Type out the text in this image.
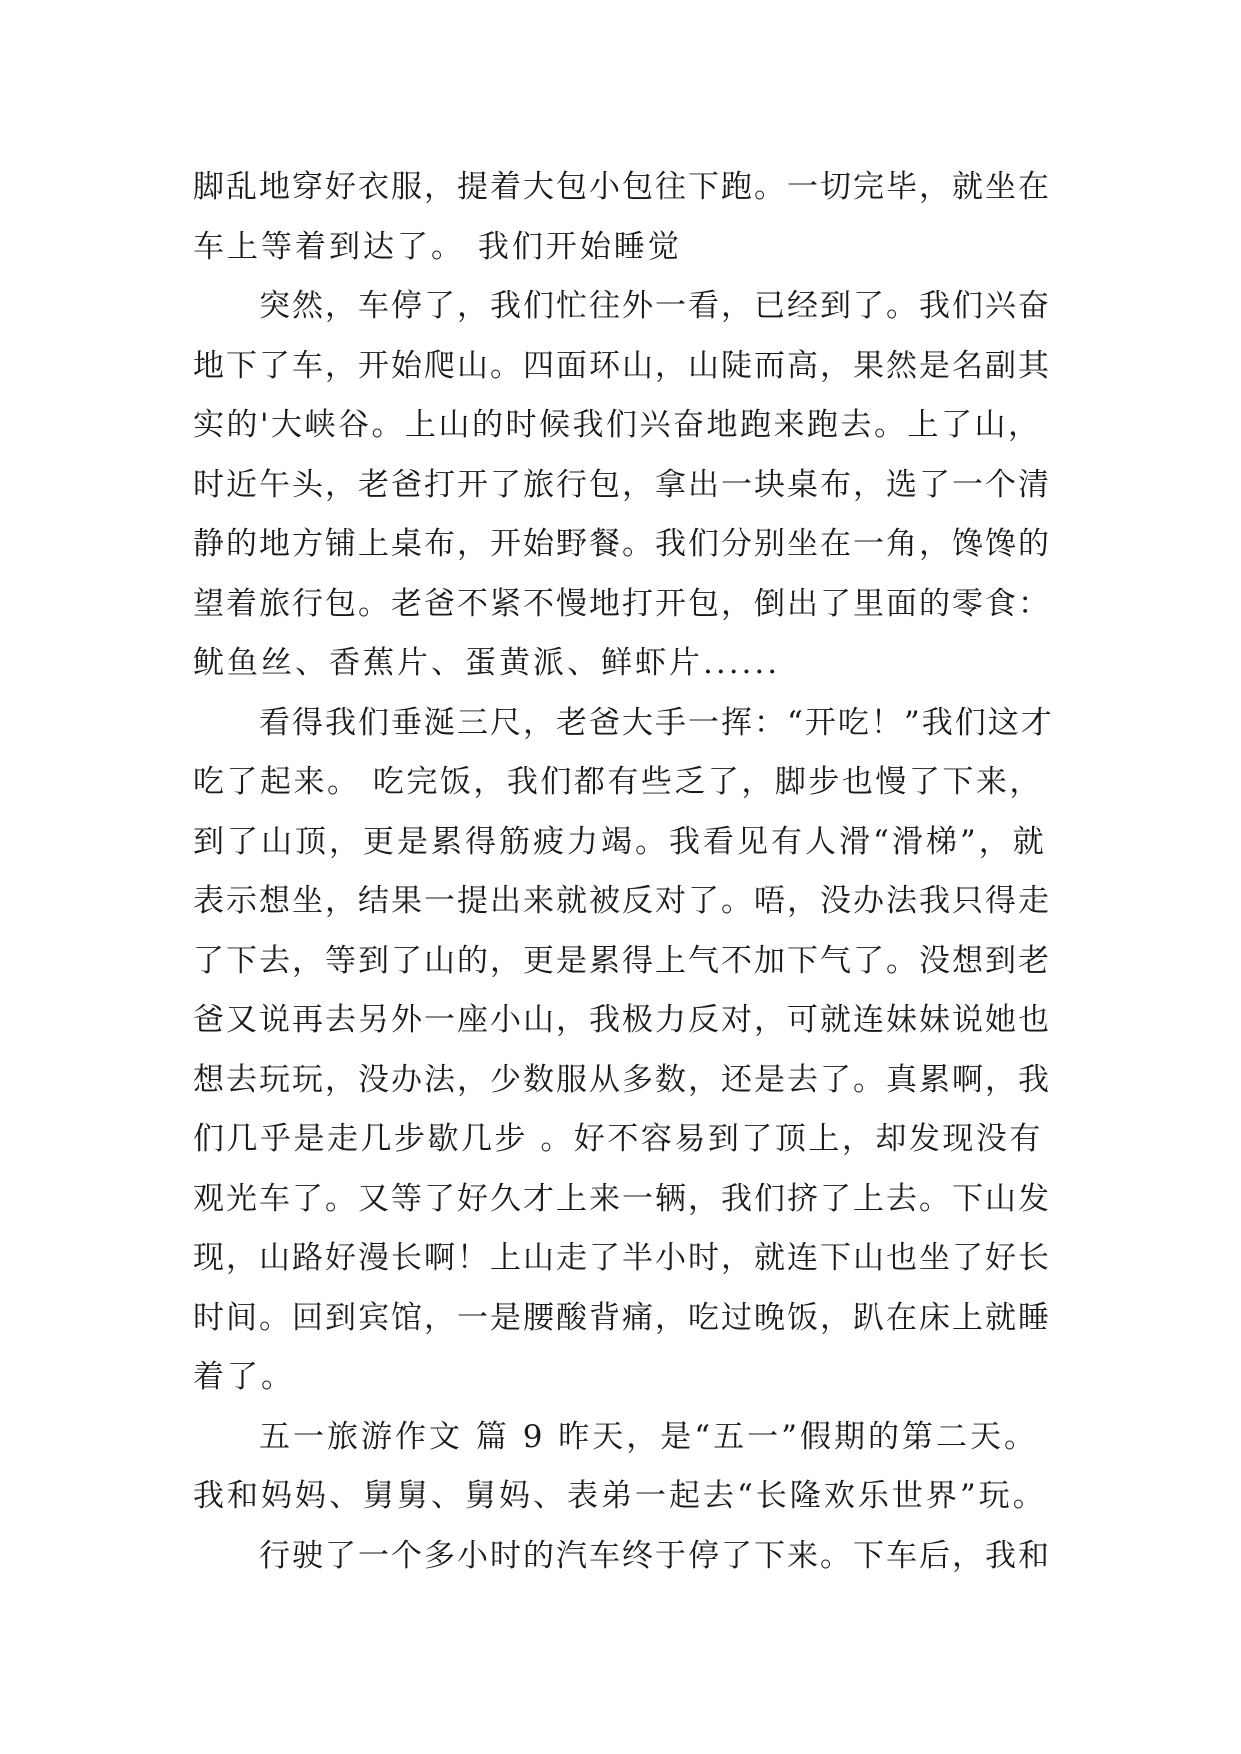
脚乱地穿好衣服，提着大包小包往下跑。一切完毕，就坐在
车上等着到达了。 我们开始睡觉
突然，车停了，我们忙往外一看，已经到了。我们兴奋
地下了车，开始爬山。四面环山，山陡而高，果然是名副其
实的'大峡谷。上山的时候我们兴奋地跑来跑去。上了山，
时近午头，老爸打开了旅行包，拿出一块桌布，选了一个清
静的地方铺上桌布，开始野餐。我们分别坐在一角，馋馋的
望着旅行包。老爸不紧不慢地打开包，倒出了里面的零食：
鱿鱼丝、香蕉片、蛋黄派、鲜虾片......
看得我们垂涎三尺，老爸大手一挥：“开吃！”我们这才
吃了起来。 吃完饭，我们都有些乏了，脚步也慢了下来，
到了山顶，更是累得筋疲力竭。我看见有人滑“滑梯”，就
表示想坐，结果一提出来就被反对了。唔，没办法我只得走
了下去，等到了山的，更是累得上气不加下气了。没想到老
爸又说再去另外一座小山，我极力反对，可就连妹妹说她也
想去玩玩，没办法，少数服从多数，还是去了。真累啊，我
们几乎是走几步歇几步 。好不容易到了顶上，却发现没有
观光车了。又等了好久才上来一辆，我们挤了上去。下山发
现，山路好漫长啊！上山走了半小时，就连下山也坐了好长
时间。回到宾馆，一是腰酸背痛，吃过晚饭，趴在床上就睡
着了。
五一旅游作文 篇 9 昨天，是“五一”假期的第二天。
我和妈妈、舅舅、舅妈、表弟一起去“长隆欢乐世界”玩。
行驶了一个多小时的汽车终于停了下来。下车后，我和
